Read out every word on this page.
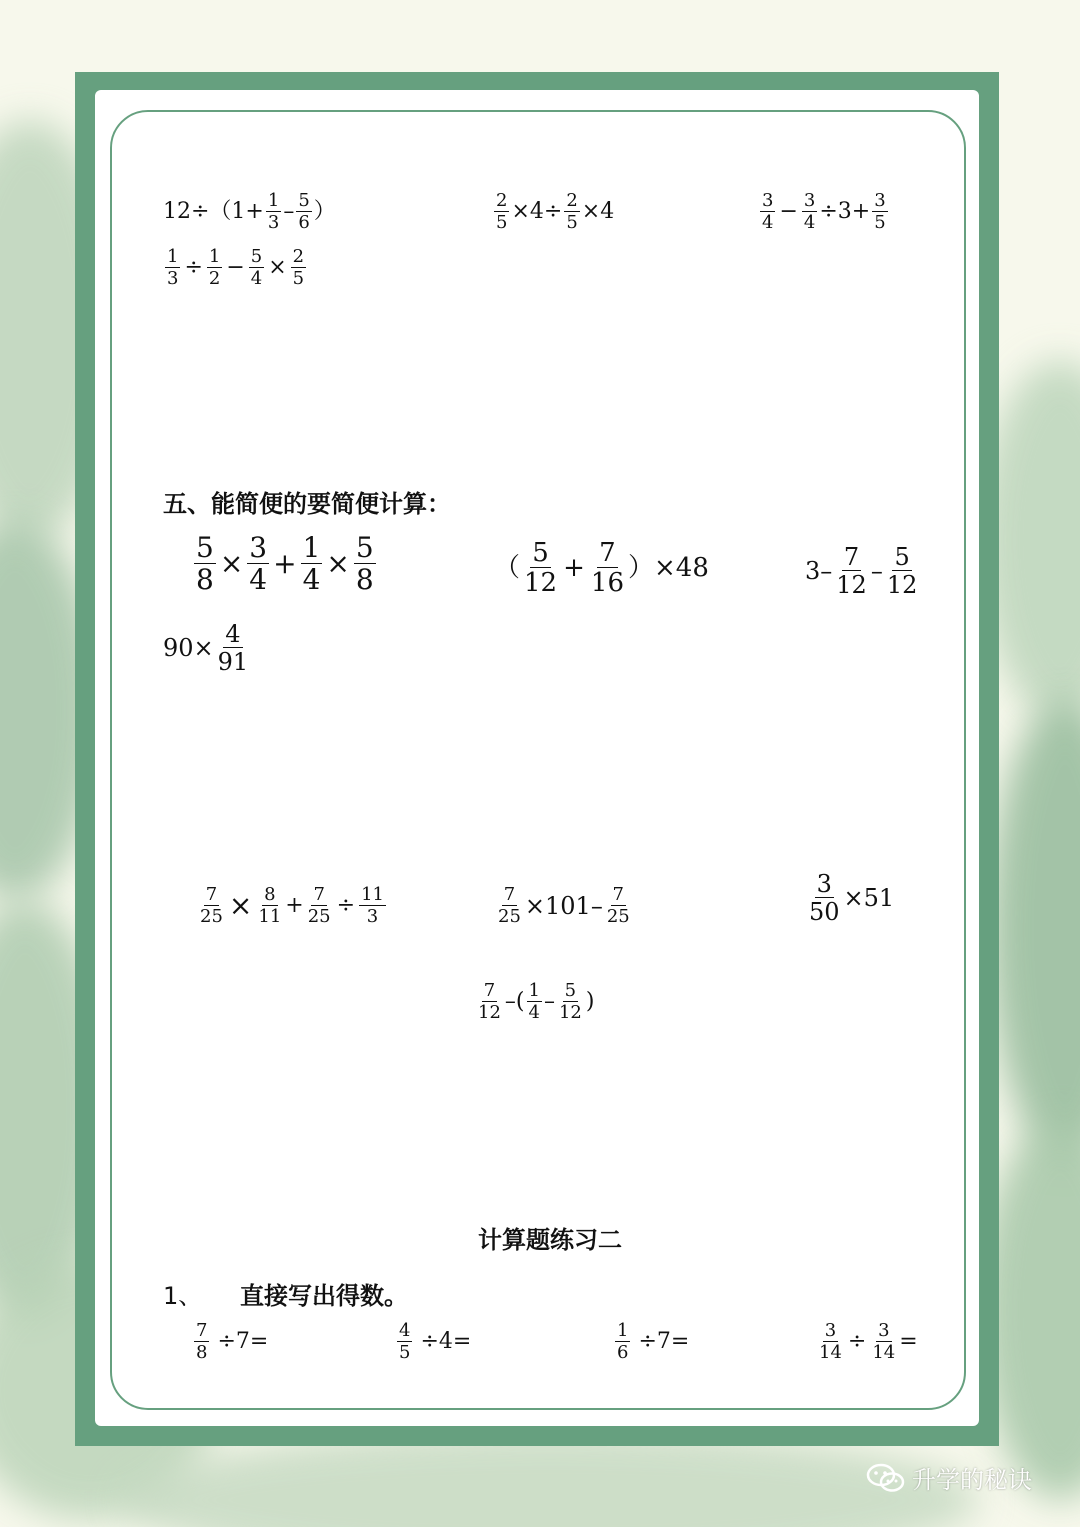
$12\div(1+ \frac{1}{3} - \frac{5}{6}$ ）	$\frac{2}{5} \times 4\div \frac{2}{5} \times 4$	$\frac{3}{4} - \frac{3}{4} \div 3+ \frac{3}{5}$
$\frac{1}{3} \div \frac{1}{2} - \frac{5}{4} \times \frac{2}{5}$
五、能简便的要简便计算：
$\frac{5}{8} \times \frac{3}{4} + \frac{1}{4} \times \frac{5}{8}$	（ $\frac{5}{12} + \frac{7}{16} )\times 48$	$3- \frac{7}{12} - \frac{5}{12}$
$90\times \frac{4}{91}$
$\frac{7}{25} \times \frac{8}{11} + \frac{7}{25} \div \frac{11}{3}$	$\frac{7}{25} \times 101- \frac{7}{25}$	$\frac{3}{50} \times 51$
$\frac{7}{12}$ –( $\frac{1}{4} - \frac{5}{12}$ )
计算题练习二
1、 直接写出得数。
$\frac{7}{8} \div 7=$	$\frac{4}{5} \div 4=$	$\frac{1}{6} \div 7=$	$\frac{3}{14} \div \frac{3}{14}$ =
升学的秘诀
